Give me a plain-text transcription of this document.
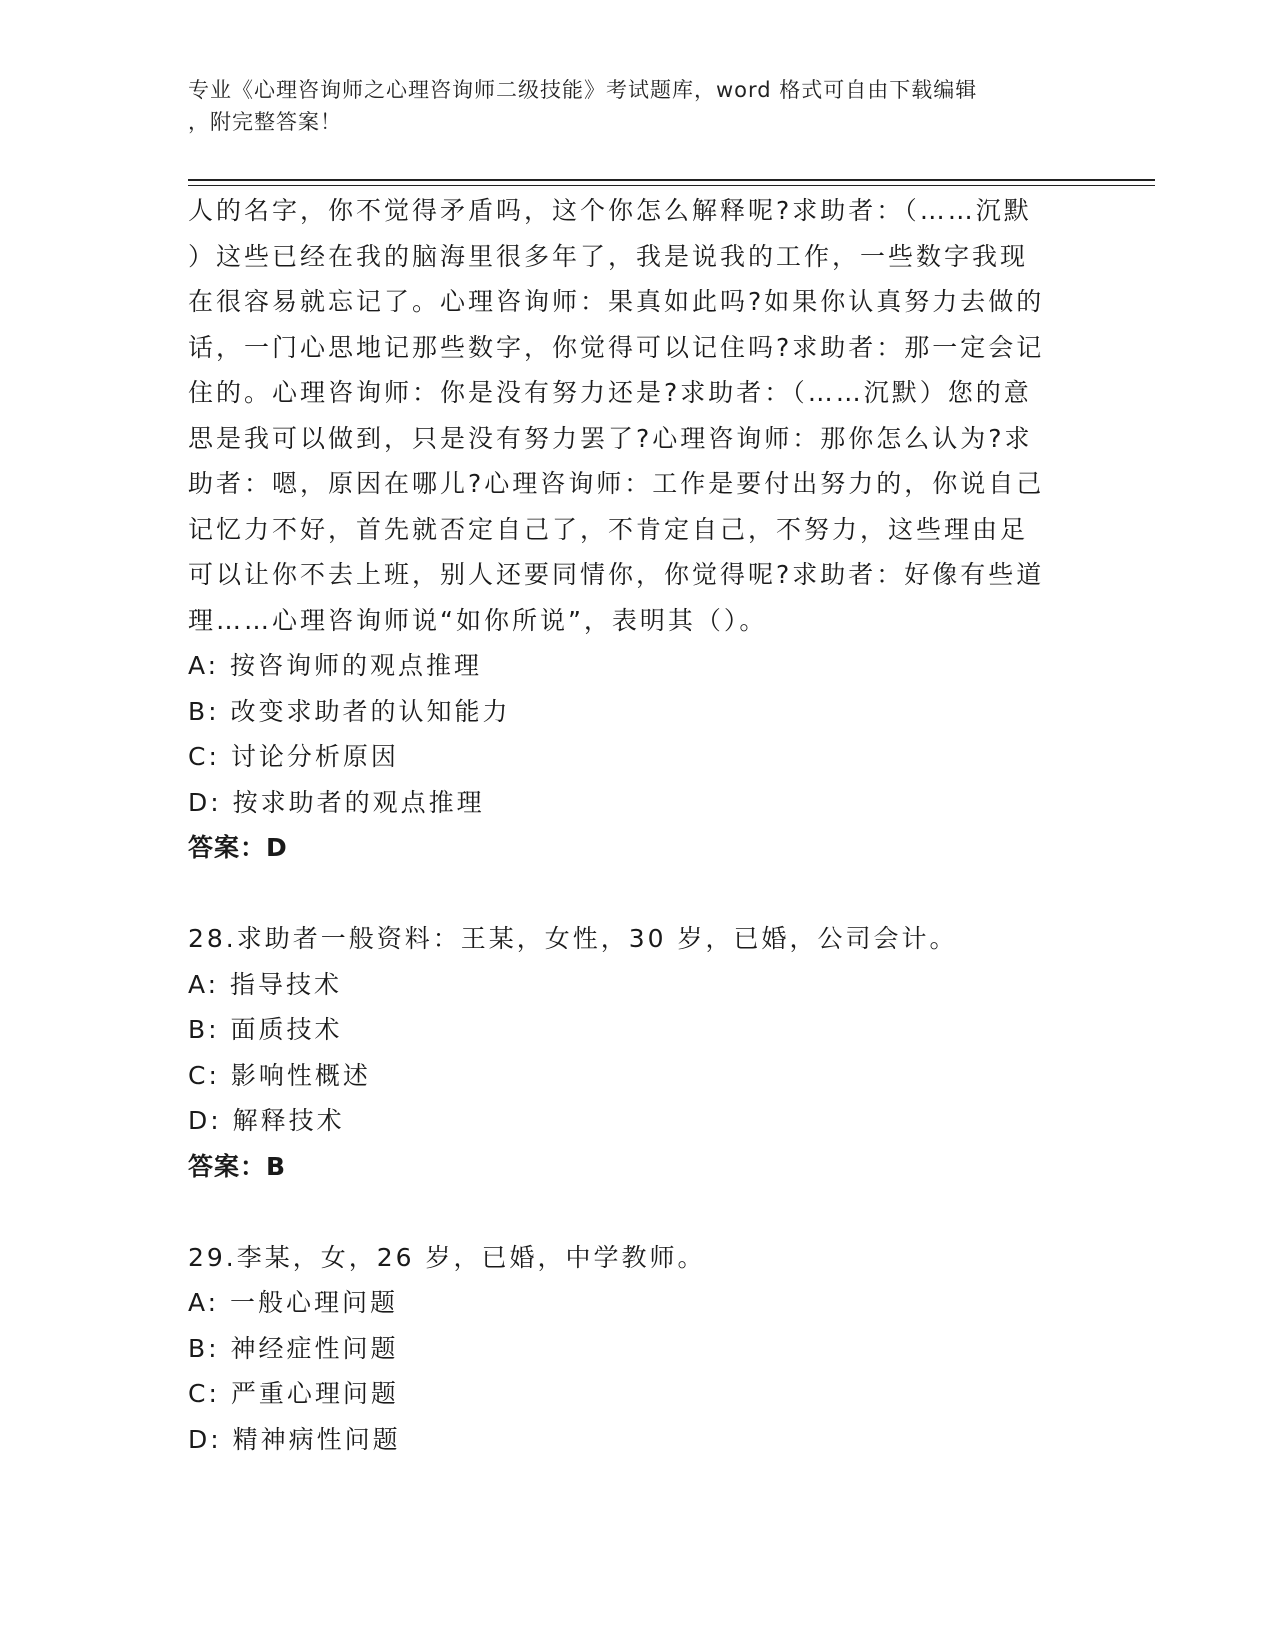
专业《心理咨询师之心理咨询师二级技能》考试题库，word 格式可自由下载编辑
，附完整答案！
人的名字，你不觉得矛盾吗，这个你怎么解释呢?求助者：（……沉默
）这些已经在我的脑海里很多年了，我是说我的工作，一些数字我现
在很容易就忘记了。心理咨询师：果真如此吗?如果你认真努力去做的
话，一门心思地记那些数字，你觉得可以记住吗?求助者：那一定会记
住的。心理咨询师：你是没有努力还是?求助者：（……沉默）您的意
思是我可以做到，只是没有努力罢了?心理咨询师：那你怎么认为?求
助者：嗯，原因在哪儿?心理咨询师：工作是要付出努力的，你说自己
记忆力不好，首先就否定自己了，不肯定自己，不努力，这些理由足
可以让你不去上班，别人还要同情你，你觉得呢?求助者：好像有些道
理……心理咨询师说“如你所说”，表明其（）。
A: 按咨询师的观点推理
B: 改变求助者的认知能力
C: 讨论分析原因
D: 按求助者的观点推理
答案：D
28.求助者一般资料：王某，女性，30 岁，已婚，公司会计。
A: 指导技术
B: 面质技术
C: 影响性概述
D: 解释技术
答案：B
29.李某，女，26 岁，已婚，中学教师。
A: 一般心理问题
B: 神经症性问题
C: 严重心理问题
D: 精神病性问题
